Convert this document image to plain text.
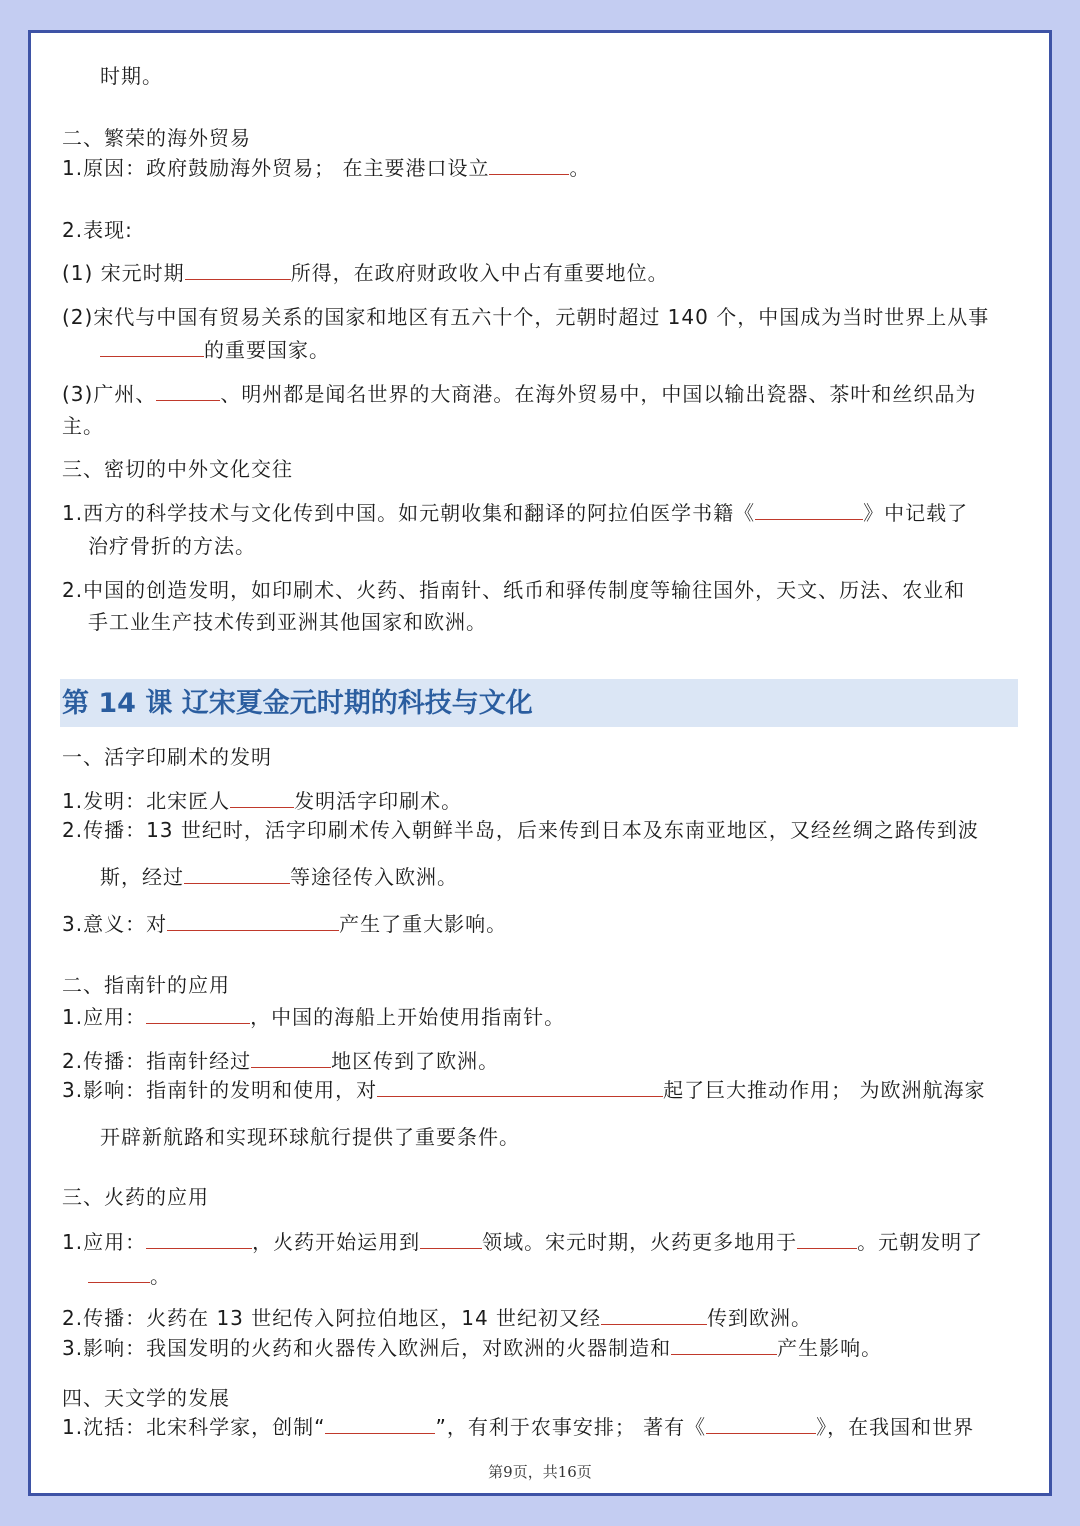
时期。
二、繁荣的海外贸易
1.原因：政府鼓励海外贸易； 在主要港口设立	。
2.表现:
(1) 宋元时期	所得，在政府财政收入中占有重要地位。
(2)宋代与中国有贸易关系的国家和地区有五六十个，元朝时超过 140 个，中国成为当时世界上从事
的重要国家。
(3)广州、	、明州都是闻名世界的大商港。在海外贸易中，中国以输出瓷器、茶叶和丝织品为
主。
三、密切的中外文化交往
1.西方的科学技术与文化传到中国。如元朝收集和翻译的阿拉伯医学书籍《	》中记载了
治疗骨折的方法。
2.中国的创造发明，如印刷术、火药、指南针、纸币和驿传制度等输往国外，天文、历法、农业和
手工业生产技术传到亚洲其他国家和欧洲。
第 14 课 辽宋夏金元时期的科技与文化
一、活字印刷术的发明
1.发明：北宋匠人	发明活字印刷术。
2.传播：13 世纪时，活字印刷术传入朝鲜半岛，后来传到日本及东南亚地区，又经丝绸之路传到波
斯，经过	等途径传入欧洲。
3.意义：对	产生了重大影响。
二、指南针的应用
1.应用：	，中国的海船上开始使用指南针。
2.传播：指南针经过	地区传到了欧洲。
3.影响：指南针的发明和使用，对	起了巨大推动作用； 为欧洲航海家
开辟新航路和实现环球航行提供了重要条件。
三、火药的应用
1.应用：	，火药开始运用到	领域。宋元时期，火药更多地用于	。元朝发明了
。
2.传播：火药在 13 世纪传入阿拉伯地区，14 世纪初又经	传到欧洲。
3.影响：我国发明的火药和火器传入欧洲后，对欧洲的火器制造和	产生影响。
四、天文学的发展
1.沈括：北宋科学家，创制“	”，有利于农事安排； 著有《	》，在我国和世界
第9页，共16页
